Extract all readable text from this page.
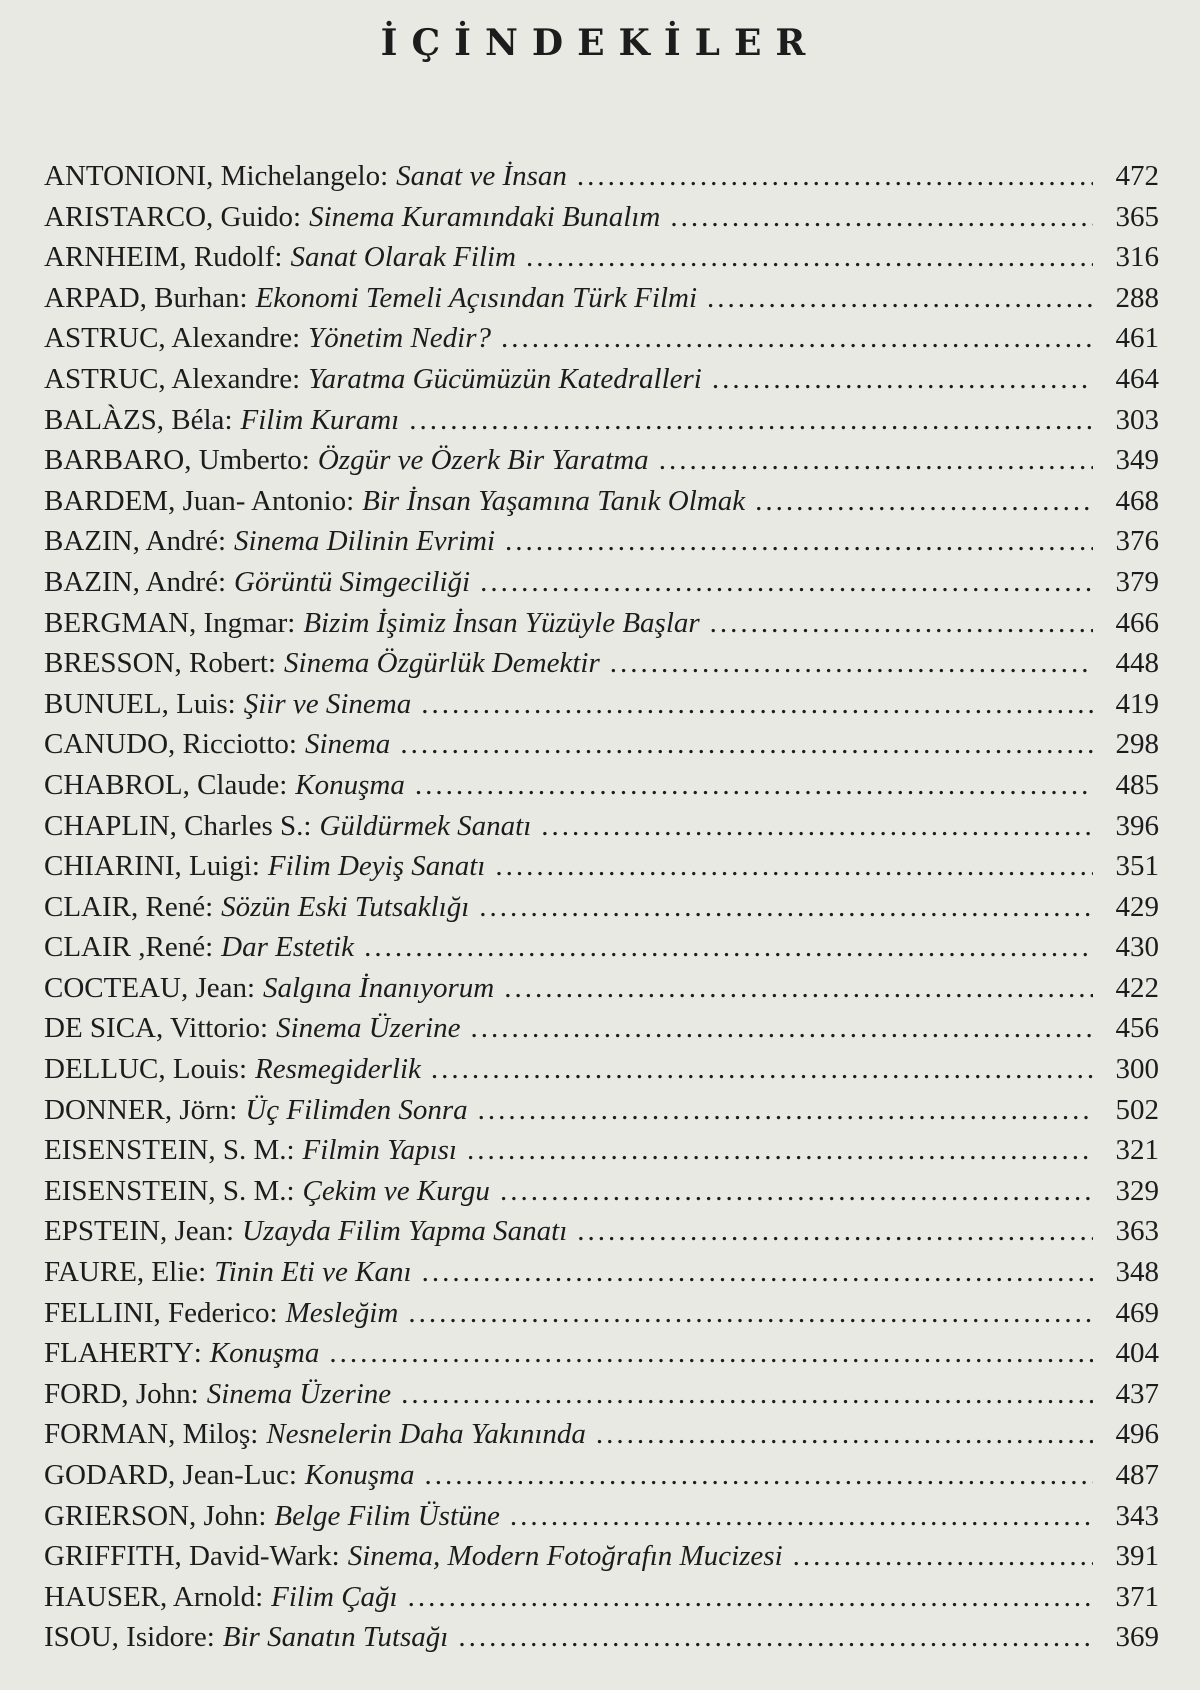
İÇİNDEKİLER
ANTONIONI, Michelangelo : Sanat ve İnsan .....	472
ARISTARCO, Guido : Sinema Kuramındaki Bunalım .....	365
ARNHEIM, Rudolf : Sanat Olarak Filim .....	316
ARPAD, Burhan : Ekonomi Temeli Açısından Türk Filmi .....	288
ASTRUC, Alexandre : Yönetim Nedir? .....	461
ASTRUC, Alexandre : Yaratma Gücümüzün Katedralleri .....	464
BALÀZS, Béla : Filim Kuramı .....	303
BARBARO, Umberto : Özgür ve Özerk Bir Yaratma .....	349
BARDEM, Juan- Antonio : Bir İnsan Yaşamına Tanık Olmak .....	468
BAZIN, André : Sinema Dilinin Evrimi .....	376
BAZIN, André : Görüntü Simgeciliği .....	379
BERGMAN, Ingmar : Bizim İşimiz İnsan Yüzüyle Başlar .....	466
BRESSON, Robert : Sinema Özgürlük Demektir .....	448
BUNUEL, Luis : Şiir ve Sinema .....	419
CANUDO, Ricciotto : Sinema .....	298
CHABROL, Claude : Konuşma .....	485
CHAPLIN, Charles S. : Güldürmek Sanatı .....	396
CHIARINI, Luigi : Filim Deyiş Sanatı .....	351
CLAIR, René : Sözün Eski Tutsaklığı .....	429
CLAIR ,René : Dar Estetik .....	430
COCTEAU, Jean : Salgına İnanıyorum .....	422
DE SICA, Vittorio : Sinema Üzerine .....	456
DELLUC, Louis : Resmegiderlik .....	300
DONNER, Jörn : Üç Filimden Sonra .....	502
EISENSTEIN, S. M. : Filmin Yapısı .....	321
EISENSTEIN, S. M. : Çekim ve Kurgu .....	329
EPSTEIN, Jean : Uzayda Filim Yapma Sanatı .....	363
FAURE, Elie : Tinin Eti ve Kanı .....	348
FELLINI, Federico : Mesleğim .....	469
FLAHERTY : Konuşma .....	404
FORD, John : Sinema Üzerine .....	437
FORMAN, Miloş : Nesnelerin Daha Yakınında .....	496
GODARD, Jean-Luc : Konuşma .....	487
GRIERSON, John : Belge Filim Üstüne .....	343
GRIFFITH, David-Wark : Sinema, Modern Fotoğrafın Mucizesi .....	391
HAUSER, Arnold : Filim Çağı .....	371
ISOU, Isidore : Bir Sanatın Tutsağı .....	369
